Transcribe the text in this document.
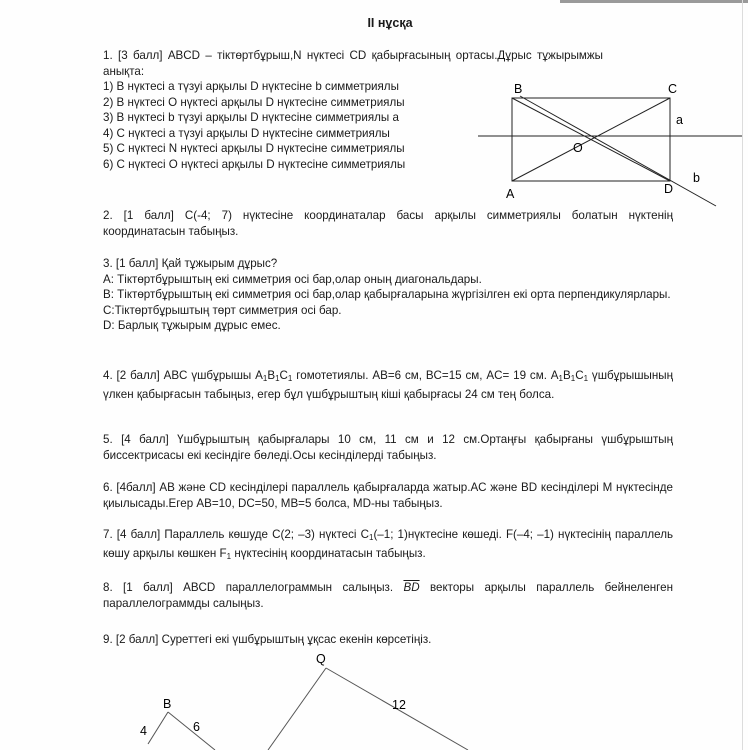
II нұсқа
1. [3 балл] ABCD – тіктөртбұрыш,N нүктесі CD қабырғасының ортасы.Дұрыс тұжырымжы анықта:
1) B нүктесі a түзуі арқылы D нүктесіне b симметриялы
2) B нүктесі O нүктесі арқылы D нүктесіне симметриялы
3) B нүктесі b түзуі арқылы D нүктесіне симметриялы a
4) C нүктесі a түзуі арқылы D нүктесіне симметриялы
5) C нүктесі N нүктесі арқылы D нүктесіне симметриялы
6) C нүктесі O нүктесі арқылы D нүктесіне симметриялы
B	C
A	D
O
a
b
Q
B	12
4	6
2. [1 балл] C(-4; 7) нүктесіне координаталар басы арқылы симметриялы болатын нүктенің координатасын табыңыз.
3. [1 балл] Қай тұжырым дұрыс?
A: Тіктөртбұрыштың екі симметрия осі бар,олар оның диагональдары.
B: Тіктөртбұрыштың екі симметрия осі бар,олар қабырғаларына жүргізілген екі орта перпендикулярлары.
C:Тіктөртбұрыштың төрт симметрия осі бар.
D: Барлық тұжырым дұрыс емес.
4. [2 балл] ABC үшбұрышы $A_1B_1C_1$ гомотетиялы. AB=6 см, BC=15 см, AC= 19 см. $A_1B_1C_1$ үшбұрышының үлкен қабырғасын табыңыз, егер бұл үшбұрыштың кіші қабырғасы 24 см тең болса.
5. [4 балл] Үшбұрыштың қабырғалары 10 см, 11 см и 12 см.Ортаңғы қабырғаны үшбұрыштың биссектрисасы екі кесіндіге бөледі.Осы кесінділерді табыңыз.
6. [4балл] AB және CD кесінділері параллель қабырғаларда жатыр.AC және BD кесінділері M нүктесінде қиылысады.Егер AB=10, DC=50, MB=5 болса, MD-ны табыңыз.
7. [4 балл] Параллель көшуде C(2; –3) нүктесі $C_1(-1$; 1)нүктесіне көшеді. F(–4; –1) нүктесінің параллель көшу арқылы көшкен $F_1$ нүктесінің координатасын табыңыз.
8. [1 балл] ABCD параллелограммын салыңыз. $\overline{BD}$ векторы арқылы параллель бейнеленген параллелограммды салыңыз.
9. [2 балл] Суреттегі екі үшбұрыштың ұқсас екенін көрсетіңіз.
